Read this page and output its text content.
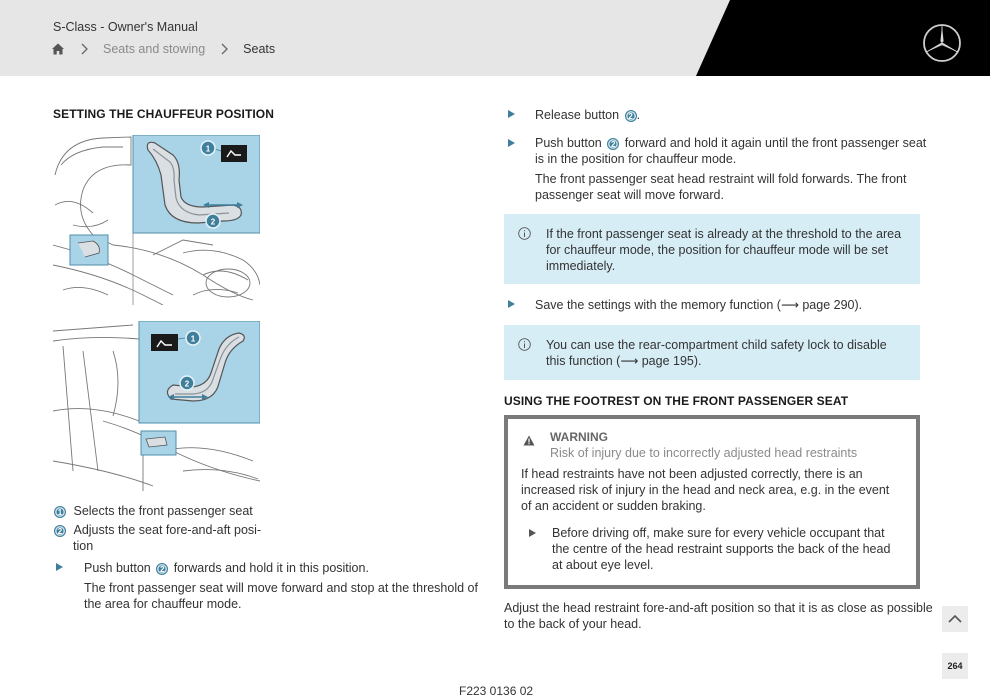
S-Class - Owner's Manual
Seats and stowing	Seats
SETTING THE CHAUFFEUR POSITION
1
2
1
2
1 Selects the front passenger seat
2 Adjusts the seat fore-and-aft posi-
tion
Push button 2 forwards and hold it in this position.
The front passenger seat will move forward and stop at the threshold of
the area for chauffeur mode.
Release button 2 .
Push button 2 forward and hold it again until the front passenger seat
is in the position for chauffeur mode.
The front passenger seat head restraint will fold forwards. The front
passenger seat will move forward.
If the front passenger seat is already at the threshold to the area
for chauffeur mode, the position for chauffeur mode will be set
immediately.
Save the settings with the memory function (⟶ page 290).
You can use the rear-compartment child safety lock to disable
this function (⟶ page 195).
USING THE FOOTREST ON THE FRONT PASSENGER SEAT
WARNING
Risk of injury due to incorrectly adjusted head restraints
If head restraints have not been adjusted correctly, there is an
increased risk of injury in the head and neck area, e.g. in the event
of an accident or sudden braking.
Before driving off, make sure for every vehicle occupant that
the centre of the head restraint supports the back of the head
at about eye level.
Adjust the head restraint fore-and-aft position so that it is as close as possible
to the back of your head.
F223 0136 02
264
